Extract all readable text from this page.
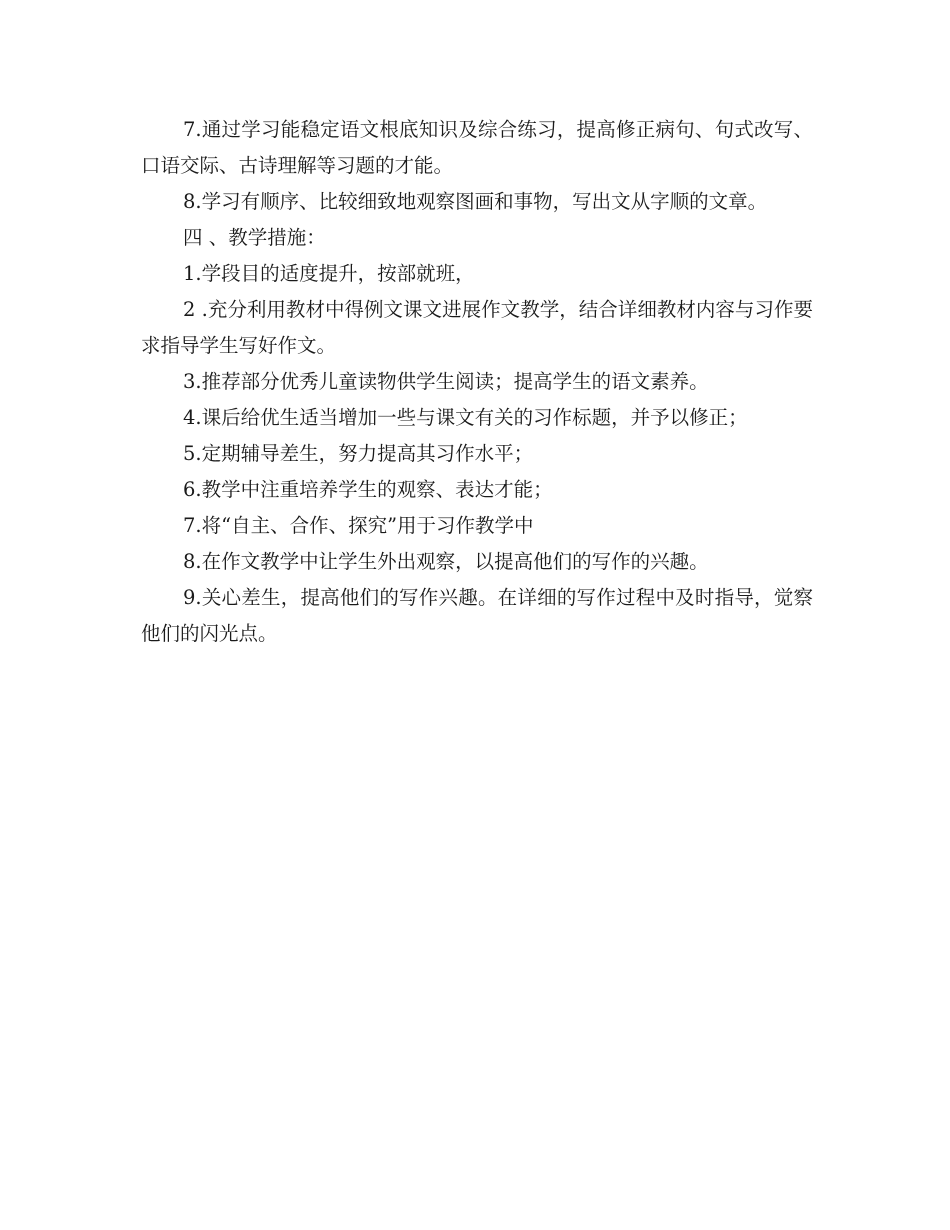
7.通过学习能稳定语文根底知识及综合练习，提高修正病句、句式改写、口语交际、古诗理解等习题的才能。

8.学习有顺序、比较细致地观察图画和事物，写出文从字顺的文章。

四 、教学措施：

1.学段目的适度提升，按部就班，

2 .充分利用教材中得例文课文进展作文教学，结合详细教材内容与习作要求指导学生写好作文。

3.推荐部分优秀儿童读物供学生阅读；提高学生的语文素养。

4.课后给优生适当增加一些与课文有关的习作标题，并予以修正；

5.定期辅导差生，努力提高其习作水平；

6.教学中注重培养学生的观察、表达才能；

7.将“自主、合作、探究”用于习作教学中

8.在作文教学中让学生外出观察，以提高他们的写作的兴趣。

9.关心差生，提高他们的写作兴趣。在详细的写作过程中及时指导，觉察他们的闪光点。
